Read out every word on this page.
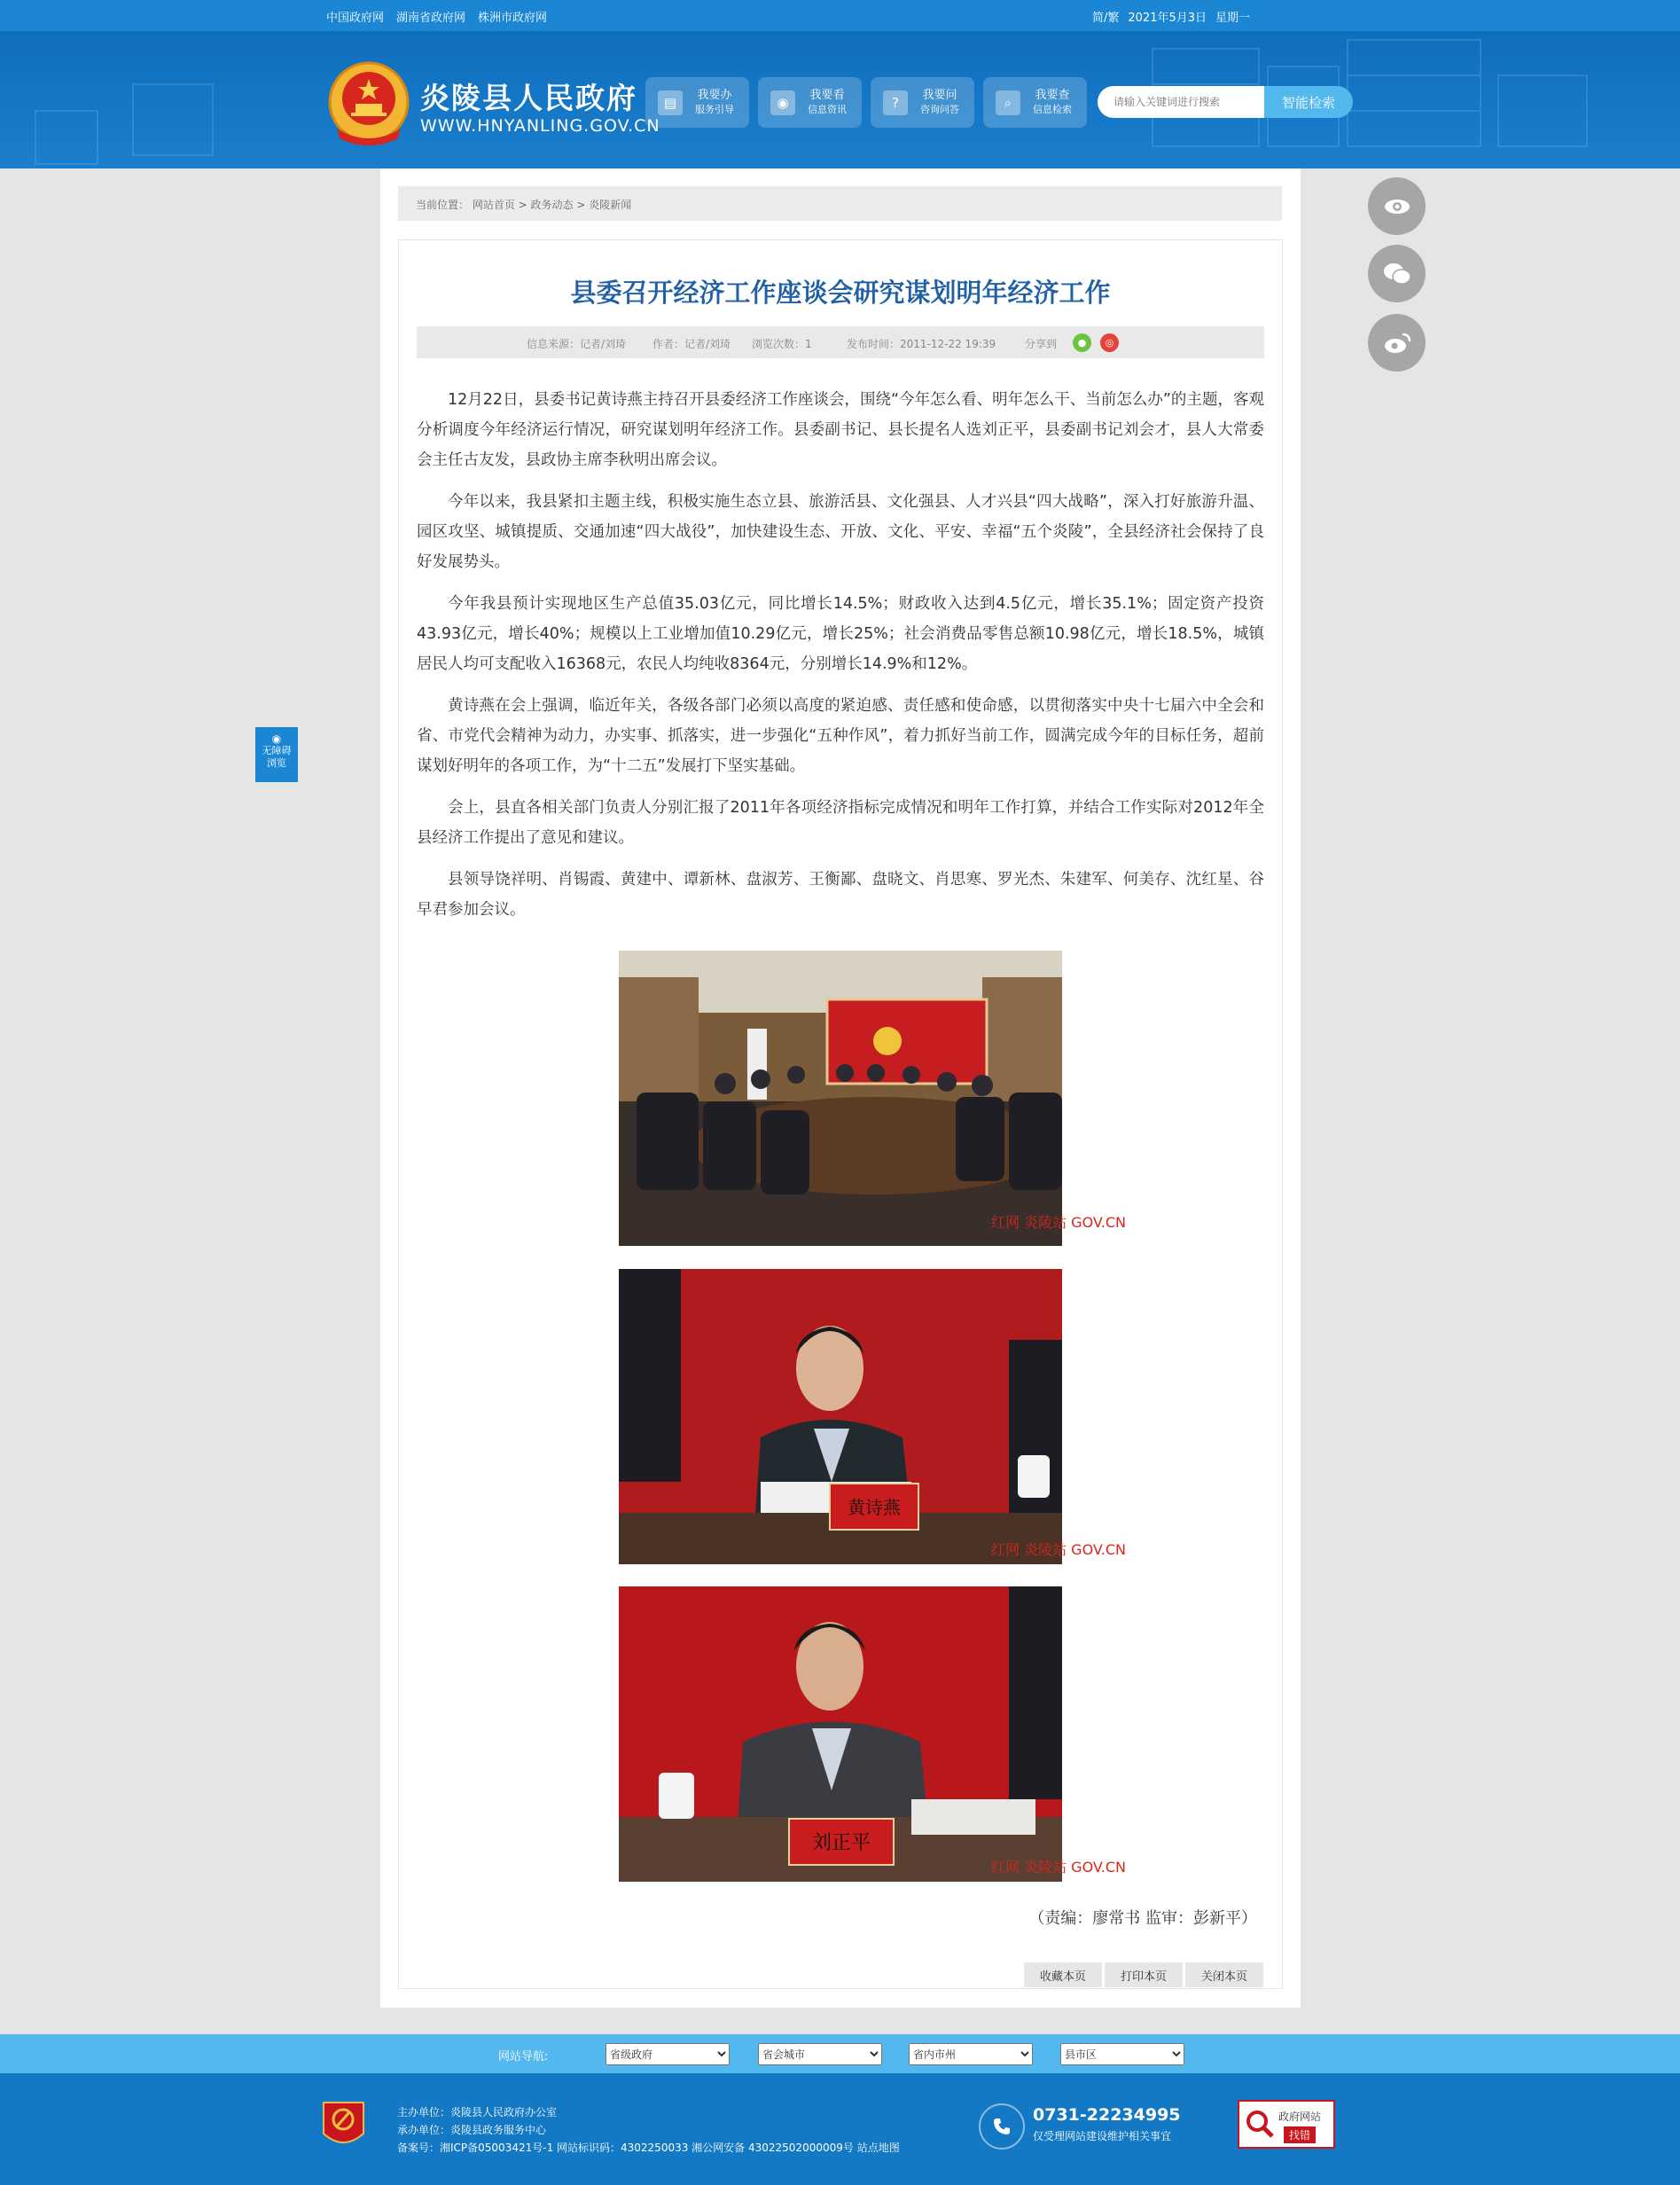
中国政府网 湖南省政府网 株洲市政府网	简/繁 2021年5月3日 星期一
炎陵县人民政府
WWW.HNYANLING.GOV.CN
▤	我要办
服务引导	◉	我要看
信息资讯	?	我要问
咨询问答	⌕	我要查
信息检索
请输入关键词进行搜索	智能检索
当前位置： 网站首页 > 政务动态 > 炎陵新闻
县委召开经济工作座谈会研究谋划明年经济工作
信息来源：记者/刘琦 作者：记者/刘琦 浏览次数：1	发布时间：2011-12-22 19:39	分享到	●	◎

12月22日，县委书记黄诗燕主持召开县委经济工作座谈会，围绕“今年怎么看、明年怎么干、当前怎么办”的主题，客观分析调度今年经济运行情况，研究谋划明年经济工作。县委副书记、县长提名人选刘正平，县委副书记刘会才，县人大常委会主任古友发，县政协主席李秋明出席会议。

今年以来，我县紧扣主题主线，积极实施生态立县、旅游活县、文化强县、人才兴县“四大战略”，深入打好旅游升温、园区攻坚、城镇提质、交通加速“四大战役”，加快建设生态、开放、文化、平安、幸福“五个炎陵”，全县经济社会保持了良好发展势头。

今年我县预计实现地区生产总值35.03亿元，同比增长14.5%；财政收入达到4.5亿元，增长35.1%；固定资产投资43.93亿元，增长40%；规模以上工业增加值10.29亿元，增长25%；社会消费品零售总额10.98亿元，增长18.5%，城镇居民人均可支配收入16368元，农民人均纯收8364元，分别增长14.9%和12%。

黄诗燕在会上强调，临近年关，各级各部门必须以高度的紧迫感、责任感和使命感，以贯彻落实中央十七届六中全会和省、市党代会精神为动力，办实事、抓落实，进一步强化“五种作风”，着力抓好当前工作，圆满完成今年的目标任务，超前谋划好明年的各项工作，为“十二五”发展打下坚实基础。

会上，县直各相关部门负责人分别汇报了2011年各项经济指标完成情况和明年工作打算，并结合工作实际对2012年全县经济工作提出了意见和建议。

县领导饶祥明、肖锡霞、黄建中、谭新林、盘淑芳、王衡鄙、盘晓文、肖思寒、罗光杰、朱建军、何美存、沈红星、谷早君参加会议。

红网 炎陵站 GOV.CN
黄诗燕
红网 炎陵站 GOV.CN
刘正平
红网 炎陵站 GOV.CN
（责编：廖常书 监审：彭新平）
收藏本页	打印本页	关闭本页
◉
无障碍
浏览
网站导航:
省级政府
省会城市
省内市州
县市区
主办单位：炎陵县人民政府办公室
承办单位：炎陵县政务服务中心
备案号：湘ICP备05003421号-1 网站标识码：4302250033 湘公网安备 43022502000009号 站点地图
0731-22234995
仅受理网站建设维护相关事宜
政府网站
找错
